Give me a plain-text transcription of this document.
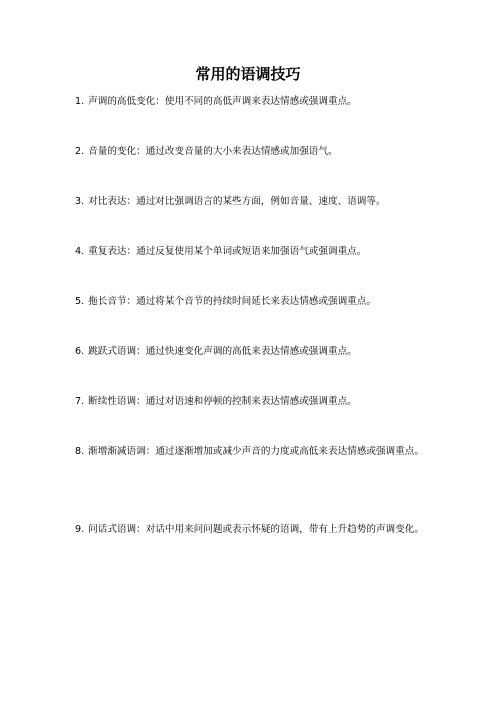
常用的语调技巧

1. 声调的高低变化：使用不同的高低声调来表达情感或强调重点。

2. 音量的变化：通过改变音量的大小来表达情感或加强语气。

3. 对比表达：通过对比强调语言的某些方面，例如音量、速度、语调等。

4. 重复表达：通过反复使用某个单词或短语来加强语气或强调重点。

5. 拖长音节：通过将某个音节的持续时间延长来表达情感或强调重点。

6. 跳跃式语调：通过快速变化声调的高低来表达情感或强调重点。

7. 断续性语调：通过对语速和停顿的控制来表达情感或强调重点。

8. 渐增渐减语调：通过逐渐增加或减少声音的力度或高低来表达情感或强调重点。

9. 问话式语调：对话中用来问问题或表示怀疑的语调，带有上升趋势的声调变化。
